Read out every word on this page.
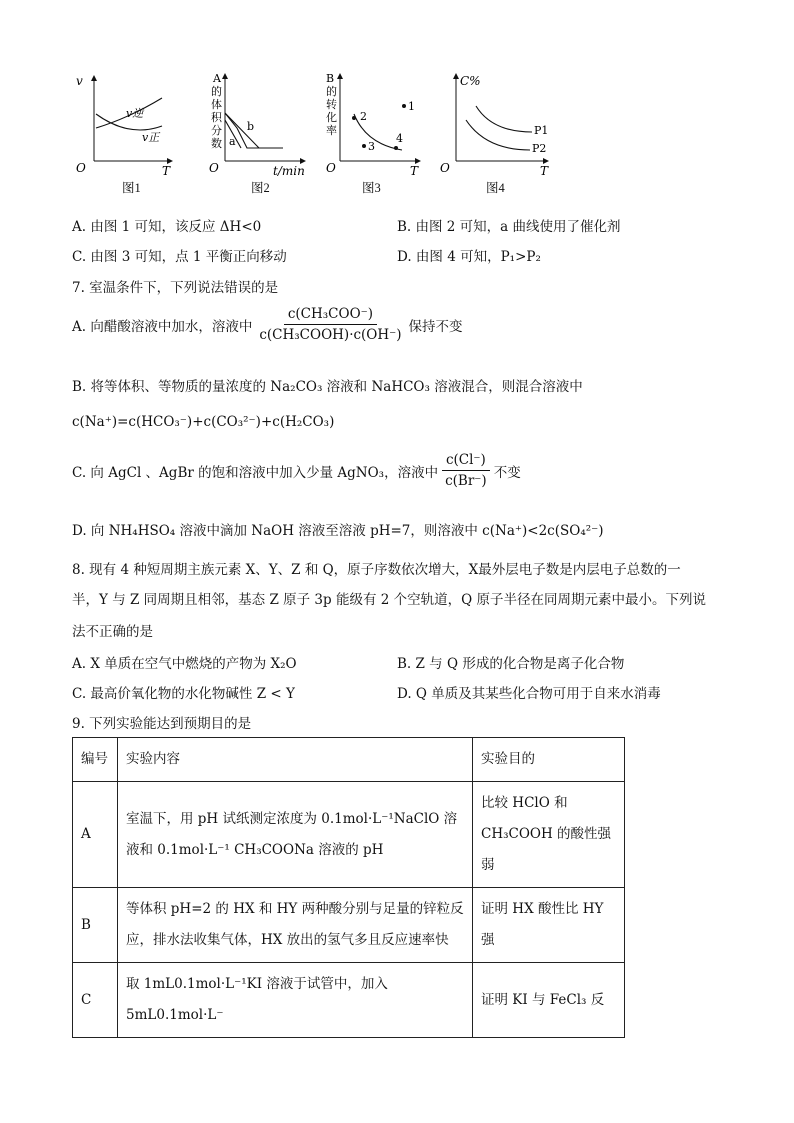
v
O	T
v逆
v正
图1
A
的
体
积
分
数
O	t/min
a
b
图2
B
的
转
化
率
O	T
1
2
3
4
图3
C%
O	T
P1
P2
图4
A. 由图 1 可知，该反应 ΔH<0	B. 由图 2 可知，a 曲线使用了催化剂
C. 由图 3 可知，点 1 平衡正向移动	D. 由图 4 可知，P₁>P₂
7. 室温条件下，下列说法错误的是
A. 向醋酸溶液中加水，溶液中 $\frac{\text{c(CH₃COO⁻)}}{\text{c(CH₃COOH)·c(OH⁻)}}$ 保持不变
B. 将等体积、等物质的量浓度的 Na₂CO₃ 溶液和 NaHCO₃ 溶液混合，则混合溶液中
c(Na⁺)=c(HCO₃⁻)+c(CO₃²⁻)+c(H₂CO₃)
C. 向 AgCl 、AgBr 的饱和溶液中加入少量 AgNO₃，溶液中 $\frac{c(Cl^-)}{c(Br^-)}$ 不变
D. 向 NH₄HSO₄ 溶液中滴加 NaOH 溶液至溶液 pH=7，则溶液中 c(Na⁺)<2c(SO₄²⁻)
8. 现有 4 种短周期主族元素 X、Y、Z 和 Q，原子序数依次增大，X最外层电子数是内层电子总数的一
半，Y 与 Z 同周期且相邻，基态 Z 原子 3p 能级有 2 个空轨道，Q 原子半径在同周期元素中最小。下列说
法不正确的是
A. X 单质在空气中燃烧的产物为 X₂O	B. Z 与 Q 形成的化合物是离子化合物
C. 最高价氧化物的水化物碱性 Z < Y	D. Q 单质及其某些化合物可用于自来水消毒
9. 下列实验能达到预期目的是
编号	实验内容	实验目的
A	室温下，用 pH 试纸测定浓度为 0.1mol·L⁻¹NaClO 溶液和 0.1mol·L⁻¹ CH₃COONa 溶液的 pH	比较 HClO 和 CH₃COOH 的酸性强弱
B	等体积 pH=2 的 HX 和 HY 两种酸分别与足量的锌粒反应，排水法收集气体，HX 放出的氢气多且反应速率快	证明 HX 酸性比 HY 强
C	取 1mL0.1mol·L⁻¹KI 溶液于试管中，加入 5mL0.1mol·L⁻	证明 KI 与 FeCl₃ 反
